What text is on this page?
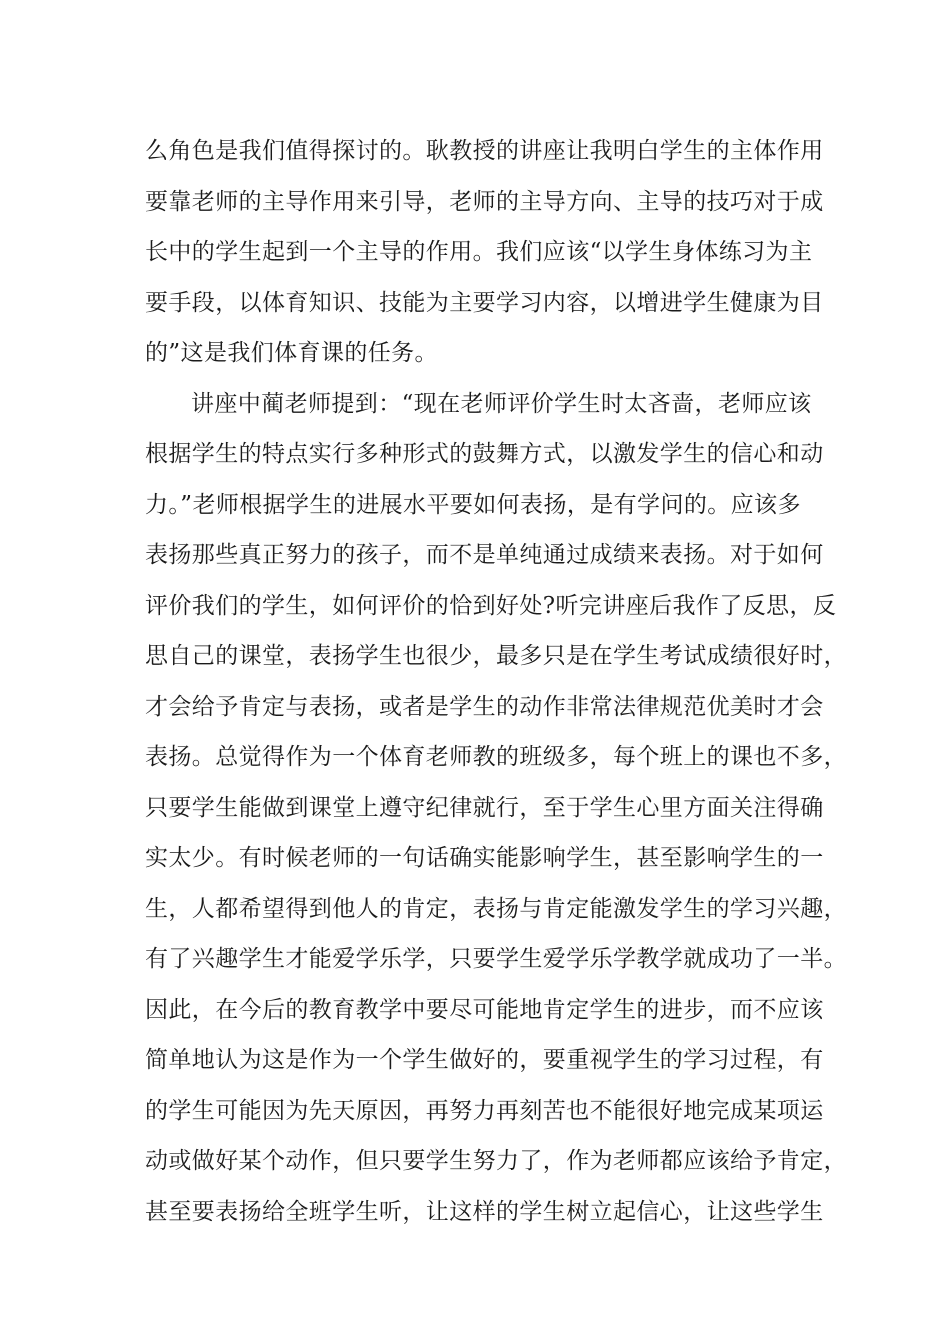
么角色是我们值得探讨的。耿教授的讲座让我明白学生的主体作用
要靠老师的主导作用来引导，老师的主导方向、主导的技巧对于成
长中的学生起到一个主导的作用。我们应该“以学生身体练习为主
要手段，以体育知识、技能为主要学习内容，以增进学生健康为目
的”这是我们体育课的任务。
讲座中蔺老师提到：“现在老师评价学生时太吝啬，老师应该
根据学生的特点实行多种形式的鼓舞方式，以激发学生的信心和动
力。”老师根据学生的进展水平要如何表扬，是有学问的。应该多
表扬那些真正努力的孩子，而不是单纯通过成绩来表扬。对于如何
评价我们的学生，如何评价的恰到好处?听完讲座后我作了反思，反
思自己的课堂，表扬学生也很少，最多只是在学生考试成绩很好时，
才会给予肯定与表扬，或者是学生的动作非常法律规范优美时才会
表扬。总觉得作为一个体育老师教的班级多，每个班上的课也不多，
只要学生能做到课堂上遵守纪律就行，至于学生心里方面关注得确
实太少。有时候老师的一句话确实能影响学生，甚至影响学生的一
生，人都希望得到他人的肯定，表扬与肯定能激发学生的学习兴趣，
有了兴趣学生才能爱学乐学，只要学生爱学乐学教学就成功了一半。
因此，在今后的教育教学中要尽可能地肯定学生的进步，而不应该
简单地认为这是作为一个学生做好的，要重视学生的学习过程，有
的学生可能因为先天原因，再努力再刻苦也不能很好地完成某项运
动或做好某个动作，但只要学生努力了，作为老师都应该给予肯定，
甚至要表扬给全班学生听，让这样的学生树立起信心，让这些学生
